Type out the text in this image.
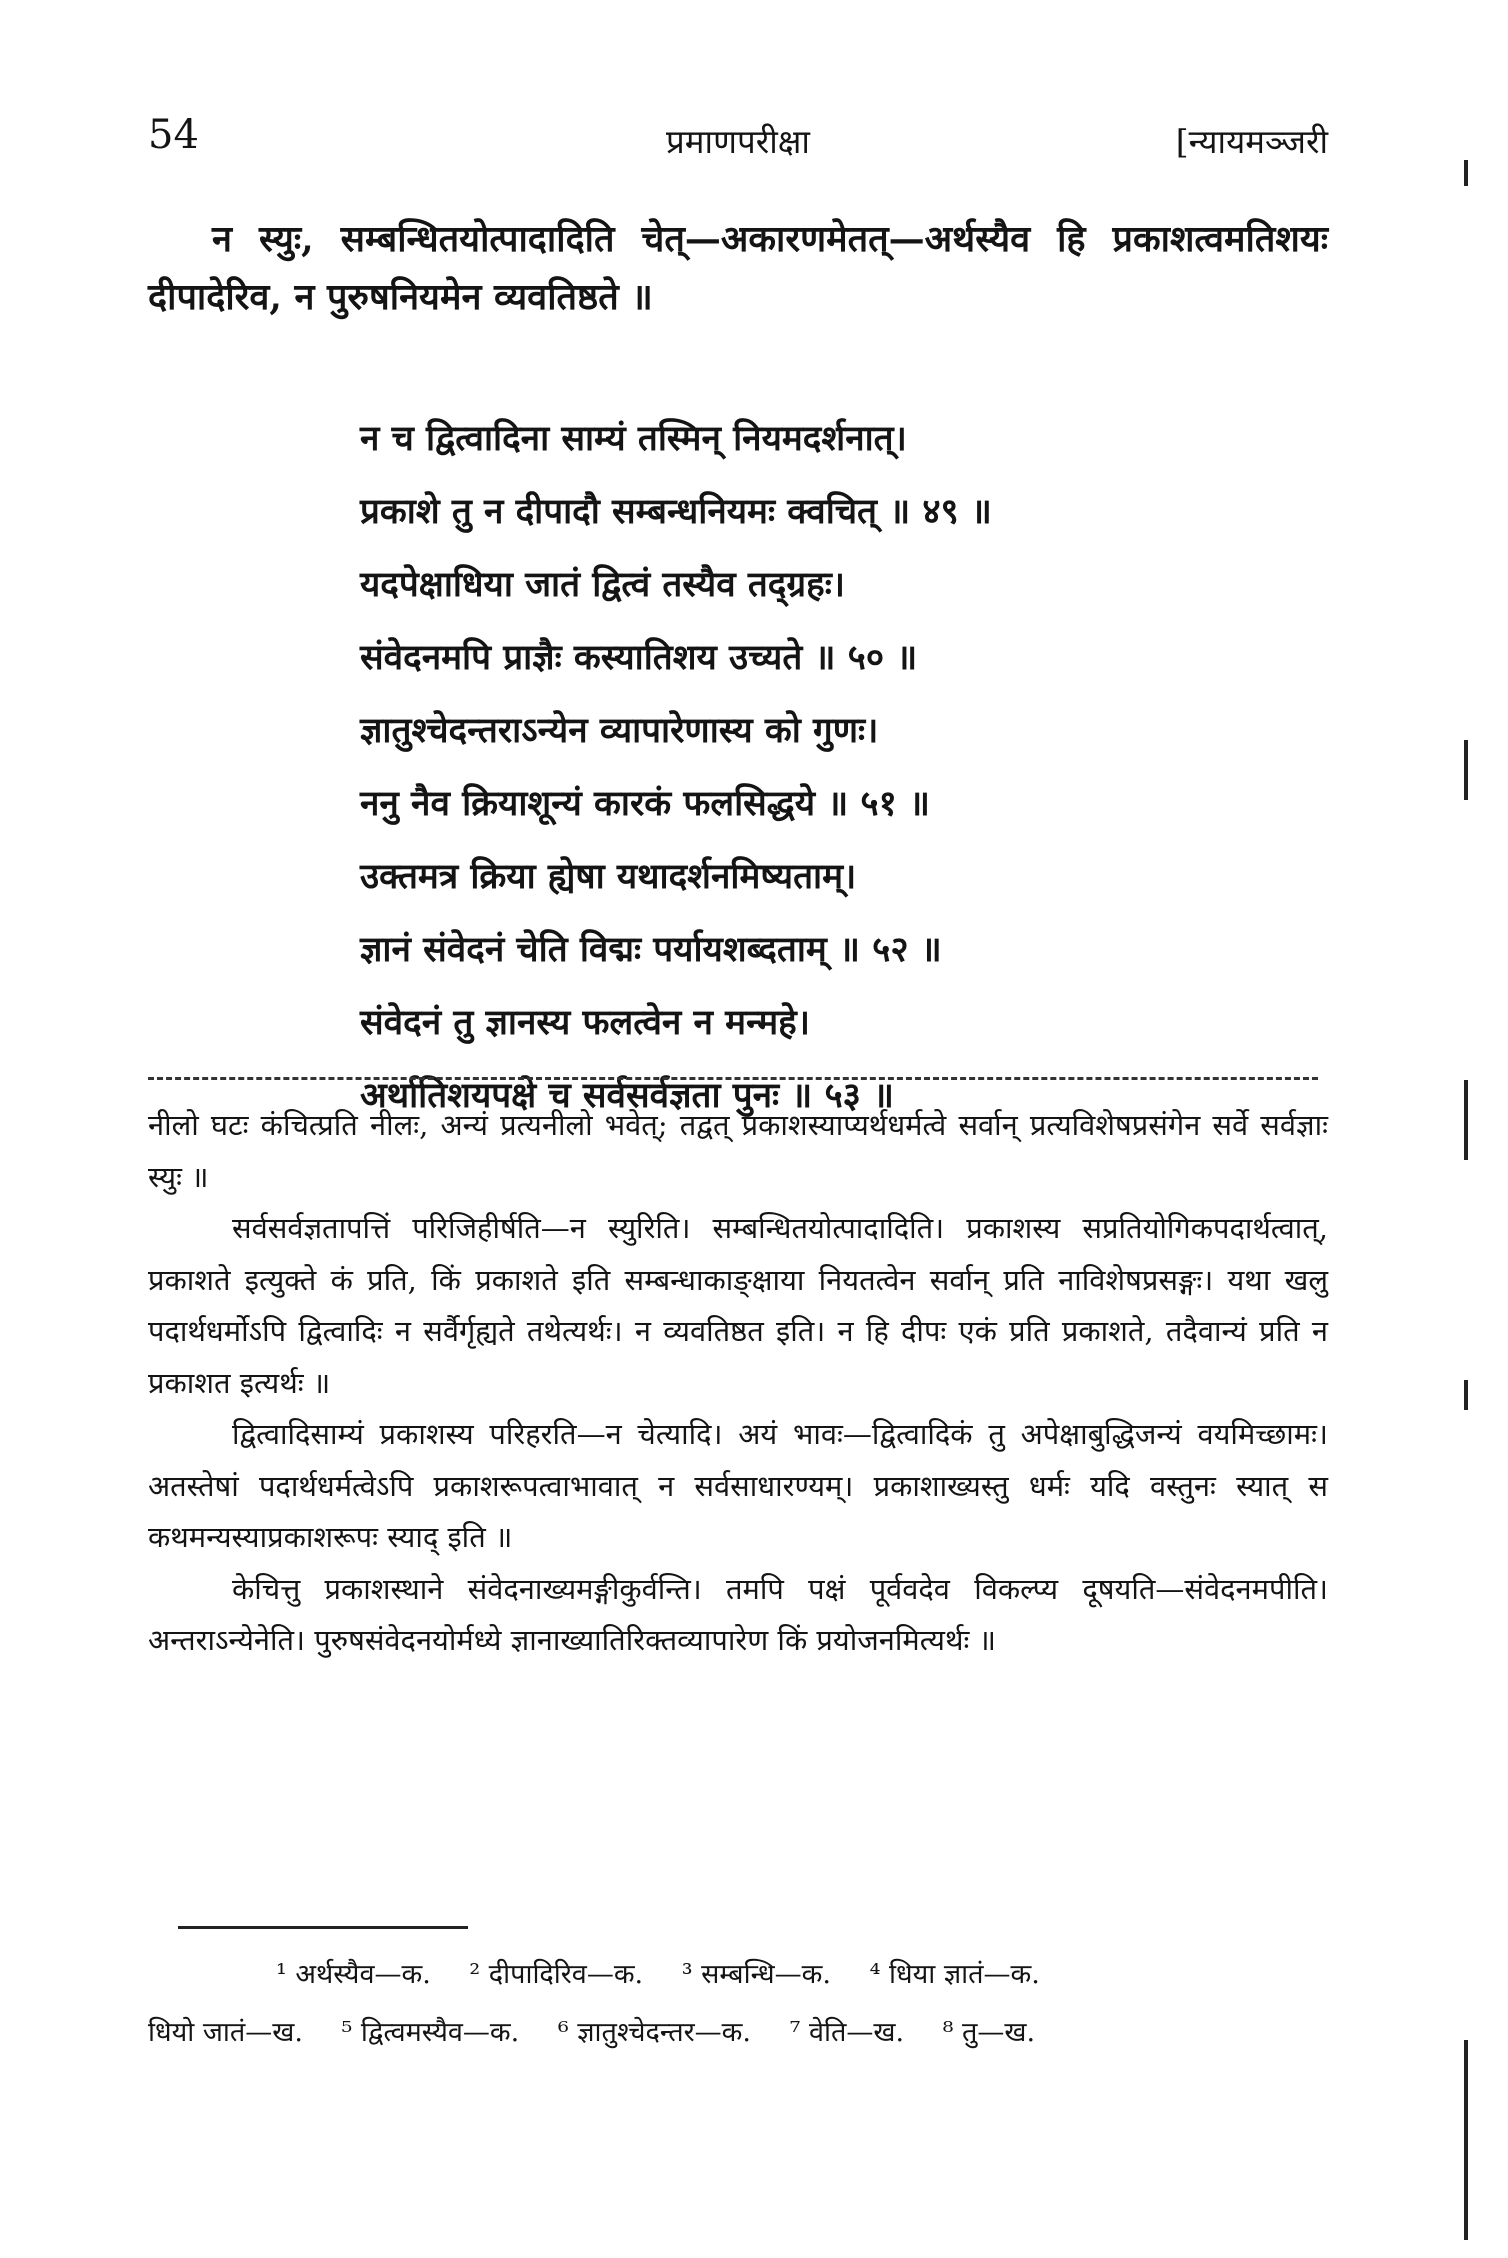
54	प्रमाणपरीक्षा	[न्यायमञ्जरी
न स्युः, सम्बन्धितयोत्पादादिति चेत्—अकारणमेतत्—अर्थस्यैव हि प्रकाशत्वमतिशयः दीपादेरिव, न पुरुषनियमेन व्यवतिष्ठते ॥
न च द्वित्वादिना साम्यं तस्मिन् नियमदर्शनात्।
प्रकाशे तु न दीपादौ सम्बन्धनियमः क्वचित् ॥ ४९ ॥
यदपेक्षाधिया जातं द्वित्वं तस्यैव तद्ग्रहः।
संवेदनमपि प्राज्ञैः कस्यातिशय उच्यते ॥ ५० ॥
ज्ञातुश्चेदन्तराऽन्येन व्यापारेणास्य को गुणः।
ननु नैव क्रियाशून्यं कारकं फलसिद्धये ॥ ५१ ॥
उक्तमत्र क्रिया ह्येषा यथादर्शनमिष्यताम्।
ज्ञानं संवेदनं चेति विद्मः पर्यायशब्दताम् ॥ ५२ ॥
संवेदनं तु ज्ञानस्य फलत्वेन न मन्महे।
अर्थातिशयपक्षे च सर्वसर्वज्ञता पुनः ॥ ५३ ॥

नीलो घटः कंचित्प्रति नीलः, अन्यं प्रत्यनीलो भवेत्; तद्वत् प्रकाशस्याप्यर्थधर्मत्वे सर्वान् प्रत्यविशेषप्रसंगेन सर्वे सर्वज्ञाः स्युः ॥

सर्वसर्वज्ञतापत्तिं परिजिहीर्षति—न स्युरिति। सम्बन्धितयोत्पादादिति। प्रकाशस्य सप्रतियोगिकपदार्थत्वात्, प्रकाशते इत्युक्ते कं प्रति, किं प्रकाशते इति सम्बन्धाकाङ्क्षाया नियतत्वेन सर्वान् प्रति नाविशेषप्रसङ्गः। यथा खलु पदार्थधर्मोऽपि द्वित्वादिः न सर्वैर्गृह्यते तथेत्यर्थः। न व्यवतिष्ठत इति। न हि दीपः एकं प्रति प्रकाशते, तदैवान्यं प्रति न प्रकाशत इत्यर्थः ॥

द्वित्वादिसाम्यं प्रकाशस्य परिहरति—न चेत्यादि। अयं भावः—द्वित्वादिकं तु अपेक्षाबुद्धिजन्यं वयमिच्छामः। अतस्तेषां पदार्थधर्मत्वेऽपि प्रकाशरूपत्वाभावात् न सर्वसाधारण्यम्। प्रकाशाख्यस्तु धर्मः यदि वस्तुनः स्यात् स कथमन्यस्याप्रकाशरूपः स्याद् इति ॥

केचित्तु प्रकाशस्थाने संवेदनाख्यमङ्गीकुर्वन्ति। तमपि पक्षं पूर्ववदेव विकल्प्य दूषयति—संवेदनमपीति। अन्तराऽन्येनेति। पुरुषसंवेदनयोर्मध्ये ज्ञानाख्यातिरिक्तव्यापारेण किं प्रयोजनमित्यर्थः ॥

¹ अर्थस्यैव—क. ² दीपादिरिव—क. ³ सम्बन्धि—क. ⁴ धिया ज्ञातं—क.
धियो जातं—ख. ⁵ द्वित्वमस्यैव—क. ⁶ ज्ञातुश्चेदन्तर—क. ⁷ वेति—ख. ⁸ तु—ख.
